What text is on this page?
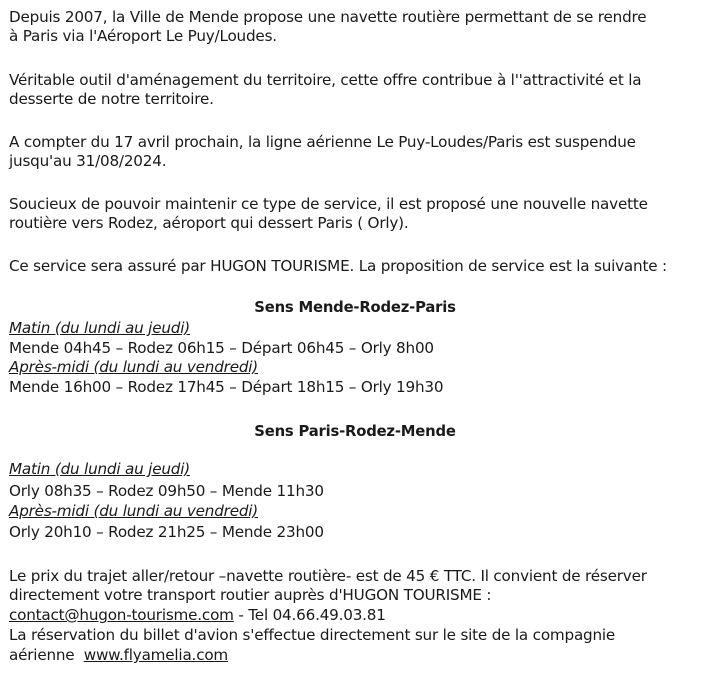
Depuis 2007, la Ville de Mende propose une navette routière permettant de se rendre
à Paris via l'Aéroport Le Puy/Loudes.

Véritable outil d'aménagement du territoire, cette offre contribue à l''attractivité et la
desserte de notre territoire.

A compter du 17 avril prochain, la ligne aérienne Le Puy-Loudes/Paris est suspendue
jusqu'au 31/08/2024.

Soucieux de pouvoir maintenir ce type de service, il est proposé une nouvelle navette
routière vers Rodez, aéroport qui dessert Paris ( Orly).

Ce service sera assuré par HUGON TOURISME. La proposition de service est la suivante :

Sens Mende-Rodez-Paris

Matin (du lundi au jeudi)
Mende 04h45 – Rodez 06h15 – Départ 06h45 – Orly 8h00
Après-midi (du lundi au vendredi)
Mende 16h00 – Rodez 17h45 – Départ 18h15 – Orly 19h30

Sens Paris-Rodez-Mende

Matin (du lundi au jeudi)
Orly 08h35 – Rodez 09h50 – Mende 11h30
Après-midi (du lundi au vendredi)
Orly 20h10 – Rodez 21h25 – Mende 23h00
Le prix du trajet aller/retour –navette routière- est de 45 € TTC. Il convient de réserver
directement votre transport routier auprès d'HUGON TOURISME :
contact@hugon-tourisme.com - Tel 04.66.49.03.81
La réservation du billet d'avion s'effectue directement sur le site de la compagnie
aérienne  www.flyamelia.com
